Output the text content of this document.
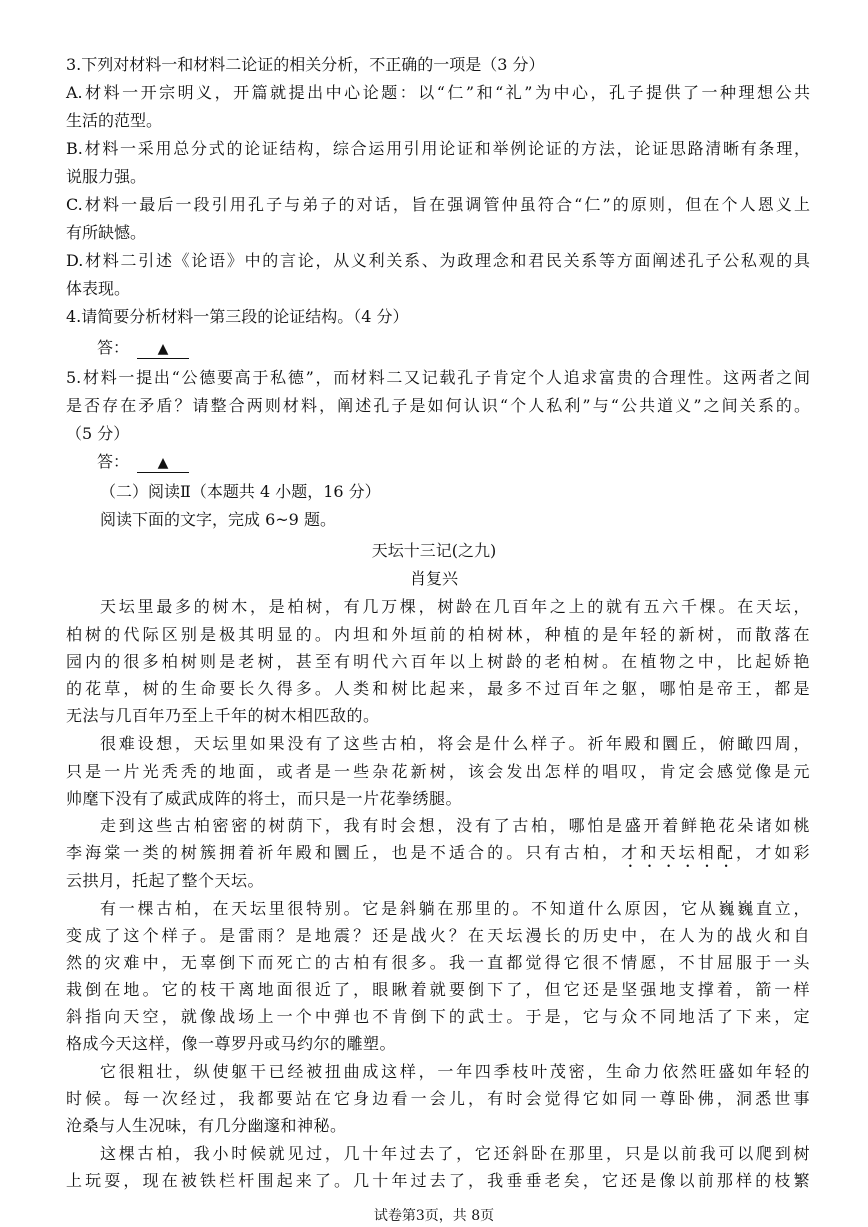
3.下列对材料一和材料二论证的相关分析，不正确的一项是（3 分）
A.材料一开宗明义，开篇就提出中心论题：以“仁”和“礼”为中心，孔子提供了一种理想公共
生活的范型。
B.材料一采用总分式的论证结构，综合运用引用论证和举例论证的方法，论证思路清晰有条理，
说服力强。
C.材料一最后一段引用孔子与弟子的对话，旨在强调管仲虽符合“仁”的原则，但在个人恩义上
有所缺憾。
D.材料二引述《论语》中的言论，从义利关系、为政理念和君民关系等方面阐述孔子公私观的具
体表现。
4.请简要分析材料一第三段的论证结构。（4 分）
答： ▲
5.材料一提出“公德要高于私德”，而材料二又记载孔子肯定个人追求富贵的合理性。这两者之间
是否存在矛盾？请整合两则材料，阐述孔子是如何认识“个人私利”与“公共道义”之间关系的。
（5 分）
答： ▲
（二）阅读Ⅱ（本题共 4 小题，16 分）
阅读下面的文字，完成 6~9 题。
天坛十三记(之九)
肖复兴
天坛里最多的树木，是柏树，有几万棵，树龄在几百年之上的就有五六千棵。在天坛，
柏树的代际区别是极其明显的。内坦和外垣前的柏树林，种植的是年轻的新树，而散落在
园内的很多柏树则是老树，甚至有明代六百年以上树龄的老柏树。在植物之中，比起娇艳
的花草，树的生命要长久得多。人类和树比起来，最多不过百年之躯，哪怕是帝王，都是
无法与几百年乃至上千年的树木相匹敌的。
很难设想，天坛里如果没有了这些古柏，将会是什么样子。祈年殿和圜丘，俯瞰四周，
只是一片光秃秃的地面，或者是一些杂花新树，该会发出怎样的唱叹，肯定会感觉像是元
帅麾下没有了威武成阵的将士，而只是一片花拳绣腿。
走到这些古柏密密的树荫下，我有时会想，没有了古柏，哪怕是盛开着鲜艳花朵诸如桃
李海棠一类的树簇拥着祈年殿和圜丘，也是不适合的。只有古柏，才和天坛相配，才如彩
云拱月，托起了整个天坛。
有一棵古柏，在天坛里很特别。它是斜躺在那里的。不知道什么原因，它从巍巍直立，
变成了这个样子。是雷雨？是地震？还是战火？在天坛漫长的历史中，在人为的战火和自
然的灾难中，无辜倒下而死亡的古柏有很多。我一直都觉得它很不情愿，不甘屈服于一头
栽倒在地。它的枝干离地面很近了，眼瞅着就要倒下了，但它还是坚强地支撑着，箭一样
斜指向天空，就像战场上一个中弹也不肯倒下的武士。于是，它与众不同地活了下来，定
格成今天这样，像一尊罗丹或马约尔的雕塑。
它很粗壮，纵使躯干已经被扭曲成这样，一年四季枝叶茂密，生命力依然旺盛如年轻的
时候。每一次经过，我都要站在它身边看一会儿，有时会觉得它如同一尊卧佛，洞悉世事
沧桑与人生况味，有几分幽邃和神秘。
这棵古柏，我小时候就见过，几十年过去了，它还斜卧在那里，只是以前我可以爬到树
上玩耍，现在被铁栏杆围起来了。几十年过去了，我垂垂老矣，它还是像以前那样的枝繁
试卷第3页，共 8页
